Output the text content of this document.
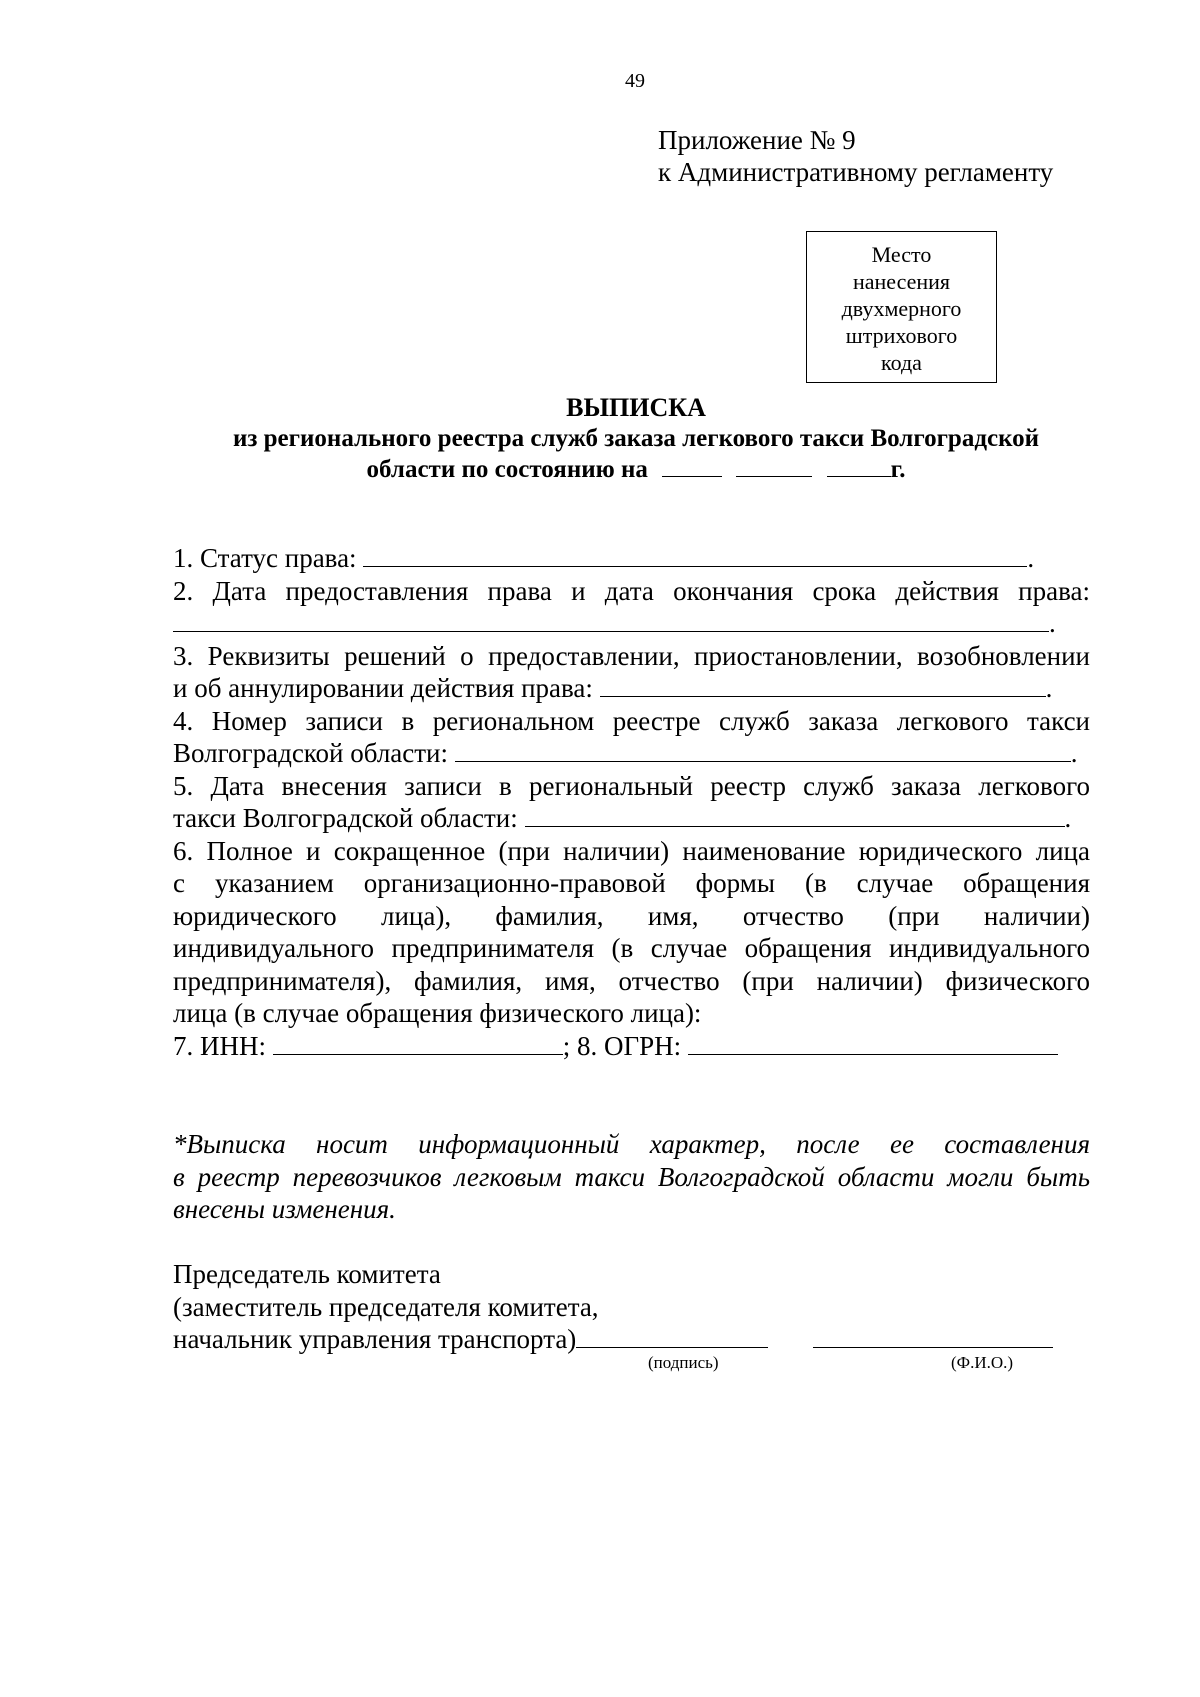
49
Приложение № 9
к Административному регламенту
Место
нанесения
двухмерного
штрихового
кода
ВЫПИСКА
из регионального реестра служб заказа легкового такси Волгоградской
области по состоянию на	г.

1. Статус права:	.

2. Дата предоставления права и дата окончания срока действия права:

.

3. Реквизиты решений о предоставлении, приостановлении, возобновлении

и об аннулировании действия права:	.

4. Номер записи в региональном реестре служб заказа легкового такси

Волгоградской области:	.

5. Дата внесения записи в региональный реестр служб заказа легкового

такси Волгоградской области:	.

6. Полное и сокращенное (при наличии) наименование юридического лица

с указанием организационно-правовой формы (в случае обращения

юридического лица), фамилия, имя, отчество (при наличии)

индивидуального предпринимателя (в случае обращения индивидуального

предпринимателя), фамилия, имя, отчество (при наличии) физического

лица (в случае обращения физического лица):

7. ИНН:	; 8. ОГРН:

*Выписка носит информационный характер, после ее составления
в реестр перевозчиков легковым такси Волгоградской области могли быть
внесены изменения.
Председатель комитета
(заместитель председателя комитета,
начальник управления транспорта)
(подпись)	(Ф.И.О.)
